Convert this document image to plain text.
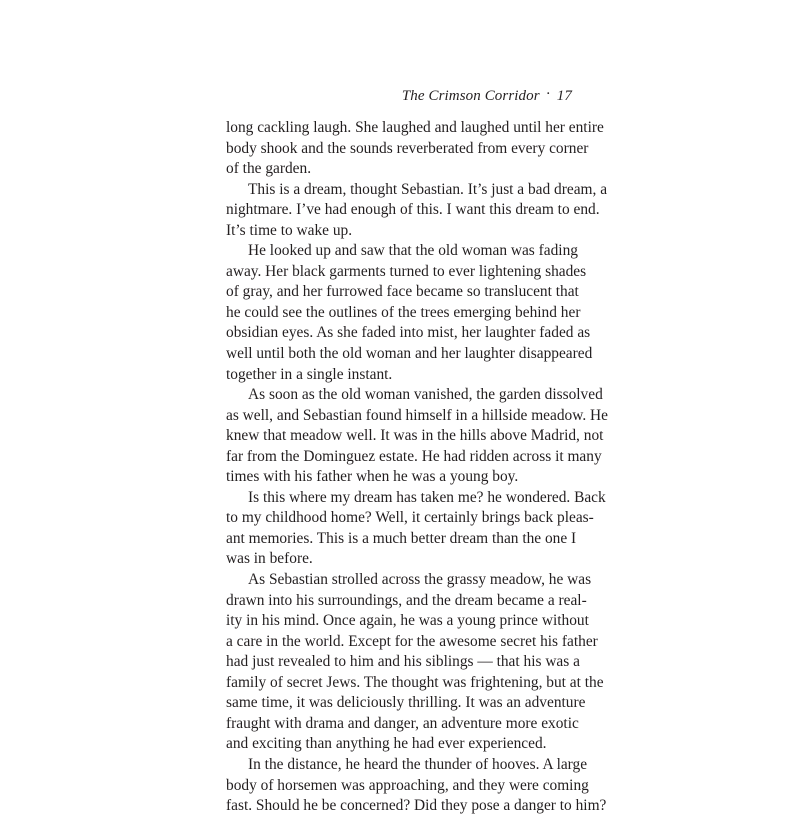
The Crimson Corridor · 17
long cackling laugh. She laughed and laughed until her entire
body shook and the sounds reverberated from every corner
of the garden.
This is a dream, thought Sebastian. It’s just a bad dream, a
nightmare. I’ve had enough of this. I want this dream to end.
It’s time to wake up.
He looked up and saw that the old woman was fading
away. Her black garments turned to ever lightening shades
of gray, and her furrowed face became so translucent that
he could see the outlines of the trees emerging behind her
obsidian eyes. As she faded into mist, her laughter faded as
well until both the old woman and her laughter disappeared
together in a single instant.
As soon as the old woman vanished, the garden dissolved
as well, and Sebastian found himself in a hillside meadow. He
knew that meadow well. It was in the hills above Madrid, not
far from the Dominguez estate. He had ridden across it many
times with his father when he was a young boy.
Is this where my dream has taken me? he wondered. Back
to my childhood home? Well, it certainly brings back pleas-
ant memories. This is a much better dream than the one I
was in before.
As Sebastian strolled across the grassy meadow, he was
drawn into his surroundings, and the dream became a real-
ity in his mind. Once again, he was a young prince without
a care in the world. Except for the awesome secret his father
had just revealed to him and his siblings — that his was a
family of secret Jews. The thought was frightening, but at the
same time, it was deliciously thrilling. It was an adventure
fraught with drama and danger, an adventure more exotic
and exciting than anything he had ever experienced.
In the distance, he heard the thunder of hooves. A large
body of horsemen was approaching, and they were coming
fast. Should he be concerned? Did they pose a danger to him?
